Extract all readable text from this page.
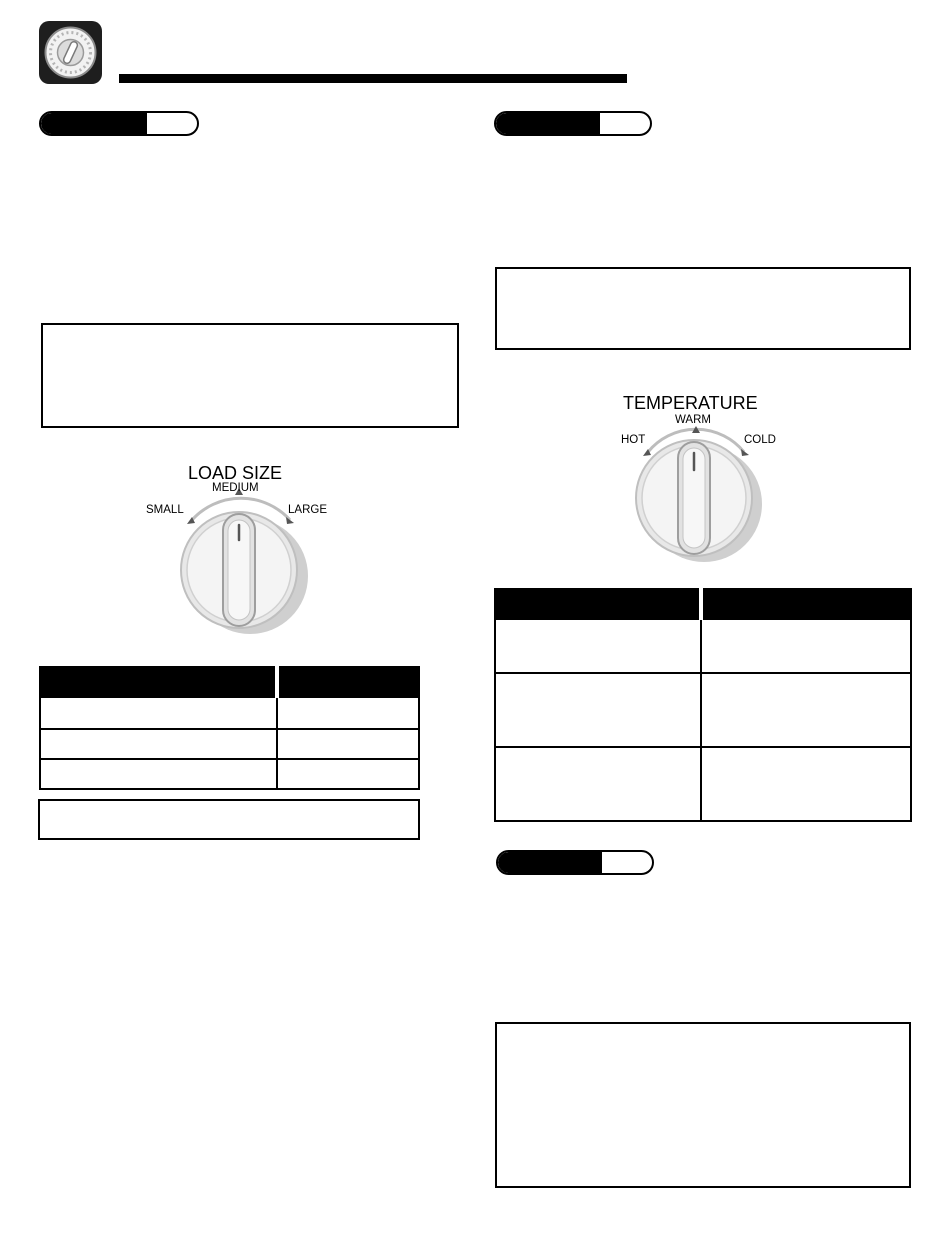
LOAD SIZE
MEDIUM
SMALL	LARGE

TEMPERATURE
WARM
HOT	COLD
